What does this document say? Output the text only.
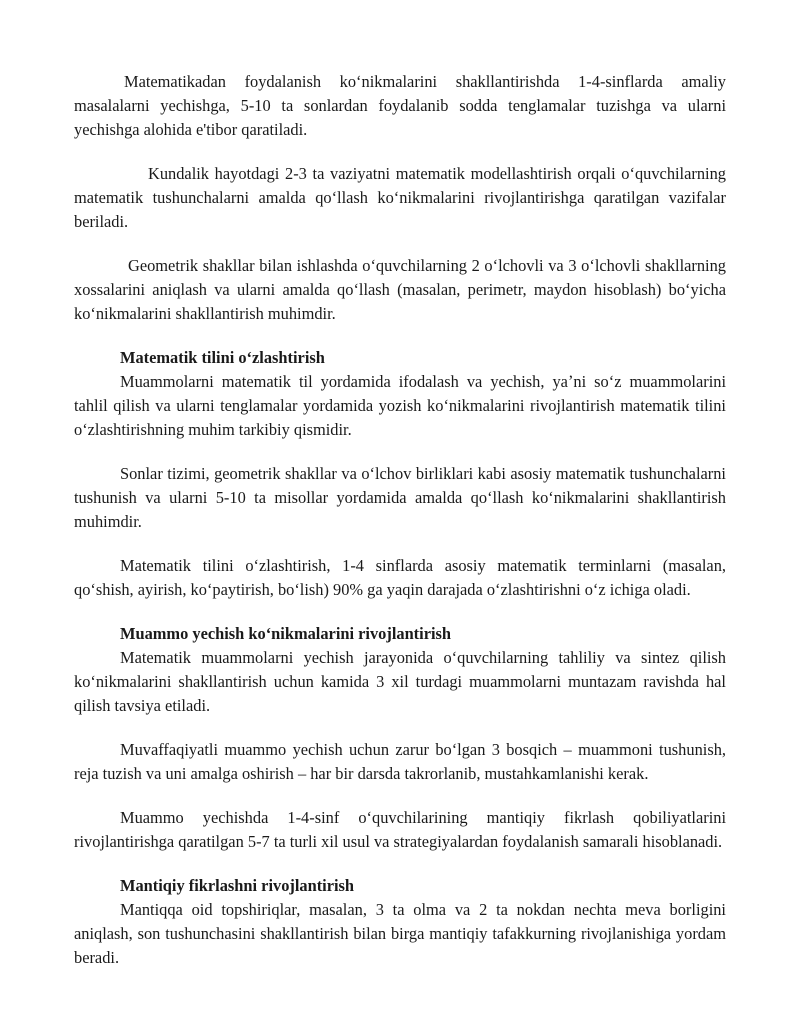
Matematikadan foydalanish koʻnikmalarini shakllantirishda 1-4-sinflarda amaliy masalalarni yechishga, 5-10 ta sonlardan foydalanib sodda tenglamalar tuzishga va ularni yechishga alohida e'tibor qaratiladi.

Kundalik hayotdagi 2-3 ta vaziyatni matematik modellashtirish orqali oʻquvchilarning matematik tushunchalarni amalda qoʻllash koʻnikmalarini rivojlantirishga qaratilgan vazifalar beriladi.

Geometrik shakllar bilan ishlashda oʻquvchilarning 2 oʻlchovli va 3 oʻlchovli shakllarning xossalarini aniqlash va ularni amalda qoʻllash (masalan, perimetr, maydon hisoblash) boʻyicha koʻnikmalarini shakllantirish muhimdir.

Matematik tilini oʻzlashtirish

Muammolarni matematik til yordamida ifodalash va yechish, yaʼni soʻz muammolarini tahlil qilish va ularni tenglamalar yordamida yozish koʻnikmalarini rivojlantirish matematik tilini oʻzlashtirishning muhim tarkibiy qismidir.

Sonlar tizimi, geometrik shakllar va oʻlchov birliklari kabi asosiy matematik tushunchalarni tushunish va ularni 5-10 ta misollar yordamida amalda qoʻllash koʻnikmalarini shakllantirish muhimdir.

Matematik tilini oʻzlashtirish, 1-4 sinflarda asosiy matematik terminlarni (masalan, qoʻshish, ayirish, koʻpaytirish, boʻlish) 90% ga yaqin darajada oʻzlashtirishni oʻz ichiga oladi.

Muammo yechish koʻnikmalarini rivojlantirish

Matematik muammolarni yechish jarayonida oʻquvchilarning tahliliy va sintez qilish koʻnikmalarini shakllantirish uchun kamida 3 xil turdagi muammolarni muntazam ravishda hal qilish tavsiya etiladi.

Muvaffaqiyatli muammo yechish uchun zarur boʻlgan 3 bosqich – muammoni tushunish, reja tuzish va uni amalga oshirish – har bir darsda takrorlanib, mustahkamlanishi kerak.

Muammo yechishda 1-4-sinf oʻquvchilarining mantiqiy fikrlash qobiliyatlarini rivojlantirishga qaratilgan 5-7 ta turli xil usul va strategiyalardan foydalanish samarali hisoblanadi.

Mantiqiy fikrlashni rivojlantirish

Mantiqqa oid topshiriqlar, masalan, 3 ta olma va 2 ta nokdan nechta meva borligini aniqlash, son tushunchasini shakllantirish bilan birga mantiqiy tafakkurning rivojlanishiga yordam beradi.
